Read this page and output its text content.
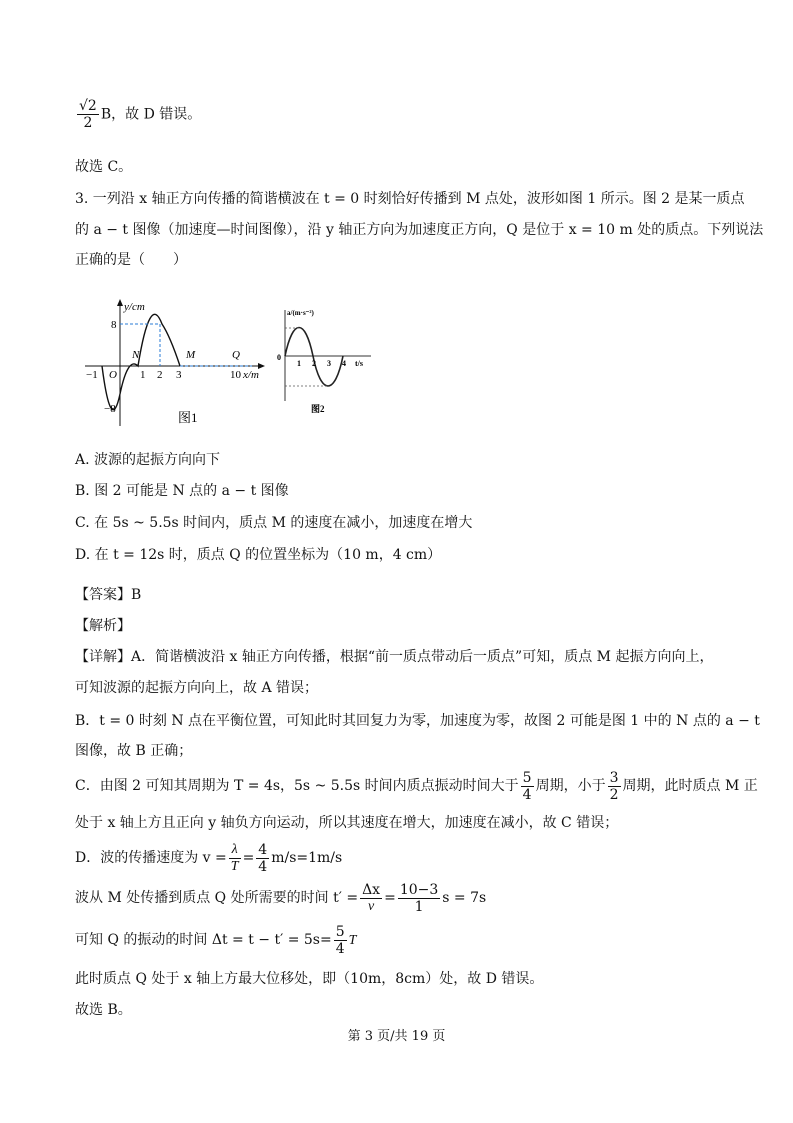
$\frac{√2}{2}$ B，故 D 错误。
故选 C。
3. 一列沿 x 轴正方向传播的简谐横波在 t = 0 时刻恰好传播到 M 点处，波形如图 1 所示。图 2 是某一质点
的 a − t 图像（加速度—时间图像），沿 y 轴正方向为加速度正方向，Q 是位于 x = 10 m 处的质点。下列说法
正确的是（　　）
y/cm
8
−8
O
−1	1 2 3	10 x/m
N	M	Q
图1
a/(m·s⁻²)
0
1 2 3 4 t/s
图2
A. 波源的起振方向向下
B. 图 2 可能是 N 点的 a − t 图像
C. 在 5s ~ 5.5s 时间内，质点 M 的速度在减小，加速度在增大
D. 在 t = 12s 时，质点 Q 的位置坐标为（10 m，4 cm）
【答案】B
【解析】
【详解】A．简谐横波沿 x 轴正方向传播，根据“前一质点带动后一质点”可知，质点 M 起振方向向上，
可知波源的起振方向向上，故 A 错误；
B．t = 0 时刻 N 点在平衡位置，可知此时其回复力为零，加速度为零，故图 2 可能是图 1 中的 N 点的 a − t
图像，故 B 正确；
C．由图 2 可知其周期为 T = 4s，5s ~ 5.5s 时间内质点振动时间大于 $\frac{5}{4}$ 周期，小于 $\frac{3}{2}$ 周期，此时质点 M 正
处于 x 轴上方且正向 y 轴负方向运动，所以其速度在增大，加速度在减小，故 C 错误；
D．波的传播速度为 $v = \frac{\lambda}{T} = \frac{4}{4} m/s=1m/s$
波从 M 处传播到质点 Q 处所需要的时间 $t' = \frac{\Delta x}{v} = \frac{10-3}{1}$ s = 7s
可知 Q 的振动的时间 $\Delta t = t - t' = 5s= \frac{5}{4}$ T
此时质点 Q 处于 x 轴上方最大位移处，即（10m，8cm）处，故 D 错误。
故选 B。
第 3 页/共 19 页
